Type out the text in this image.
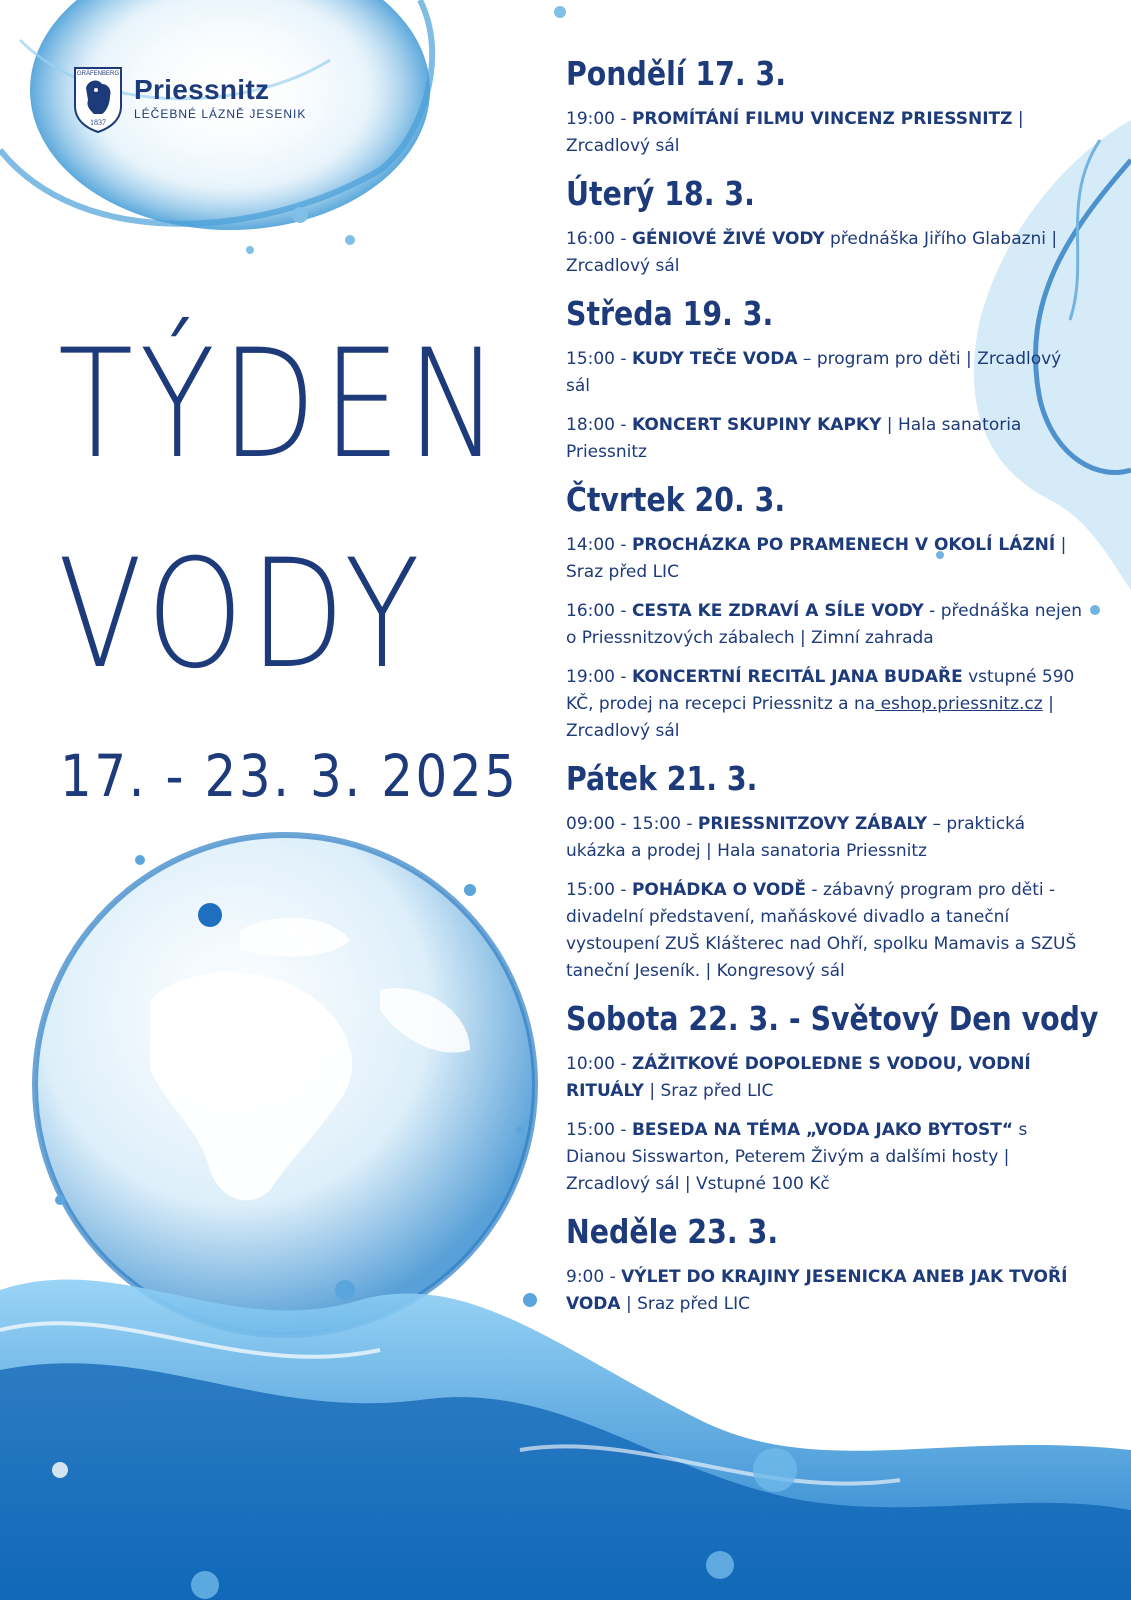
GRÄFENBERG
1837
Priessnitz
LÉČEBNÉ LÁZNĚ JESENIK
TÝDEN
VODY
17. - 23. 3. 2025
Pondělí 17. 3.
19:00 - PROMÍTÁNÍ FILMU VINCENZ PRIESSNITZ | Zrcadlový sál
Úterý 18. 3.
16:00 - GÉNIOVÉ ŽIVÉ VODY přednáška Jiřího Glabazni | Zrcadlový sál
Středa 19. 3.
15:00 - KUDY TEČE VODA – program pro děti | Zrcadlový sál
18:00 - KONCERT SKUPINY KAPKY | Hala sanatoria Priessnitz
Čtvrtek 20. 3.
14:00 - PROCHÁZKA PO PRAMENECH V OKOLÍ LÁZNÍ | Sraz před LIC
16:00 - CESTA KE ZDRAVÍ A SÍLE VODY - přednáška nejen o Priessnitzových zábalech | Zimní zahrada
19:00 - KONCERTNÍ RECITÁL JANA BUDAŘE vstupné 590 KČ, prodej na recepci Priessnitz a na eshop.priessnitz.cz | Zrcadlový sál
Pátek 21. 3.
09:00 - 15:00 - PRIESSNITZOVY ZÁBALY – praktická ukázka a prodej | Hala sanatoria Priessnitz
15:00 - POHÁDKA O VODĚ - zábavný program pro děti - divadelní představení, maňáskové divadlo a taneční vystoupení ZUŠ Klášterec nad Ohří, spolku Mamavis a SZUŠ taneční Jeseník. | Kongresový sál
Sobota 22. 3. - Světový Den vody
10:00 - ZÁŽITKOVÉ DOPOLEDNE S VODOU, VODNÍ RITUÁLY | Sraz před LIC
15:00 - BESEDA NA TÉMA „VODA JAKO BYTOST“ s Dianou Sisswarton, Peterem Živým a dalšími hosty | Zrcadlový sál | Vstupné 100 Kč
Neděle 23. 3.
9:00 - VÝLET DO KRAJINY JESENICKA ANEB JAK TVOŘÍ VODA | Sraz před LIC
